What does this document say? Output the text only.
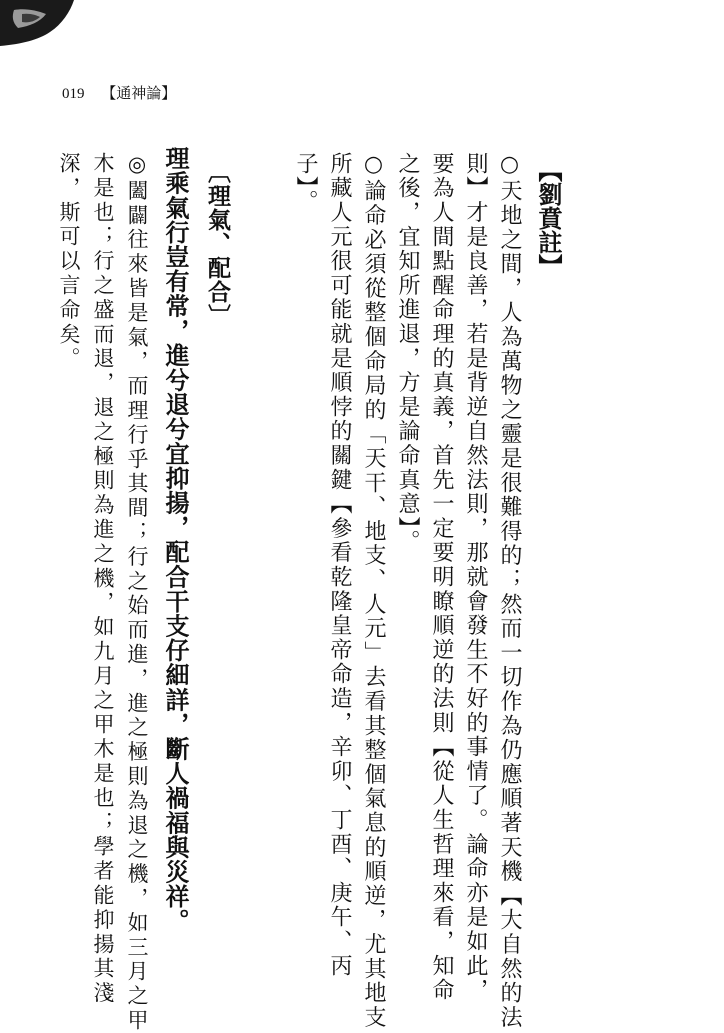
019 【通神論】
【劉賁註】
○天地之間，人為萬物之靈是很難得的；然而一切作為仍應順著天機【大自然的法
則】才是良善，若是背逆自然法則，那就會發生不好的事情了。論命亦是如此，
要為人間點醒命理的真義，首先一定要明瞭順逆的法則【從人生哲理來看，知命
之後，宜知所進退，方是論命真意】。
○論命必須從整個命局的「天干、地支、人元」去看其整個氣息的順逆，尤其地支
所藏人元很可能就是順悖的關鍵【參看乾隆皇帝命造，辛卯、丁酉、庚午、丙
子】。
〔理氣、配合〕
理乘氣行豈有常，進兮退兮宜抑揚，配合干支仔細詳，斷人禍福與災祥。
◎闔闢往來皆是氣，而理行乎其間；行之始而進，進之極則為退之機，如三月之甲
木是也；行之盛而退，退之極則為進之機，如九月之甲木是也；學者能抑揚其淺
深，斯可以言命矣。
